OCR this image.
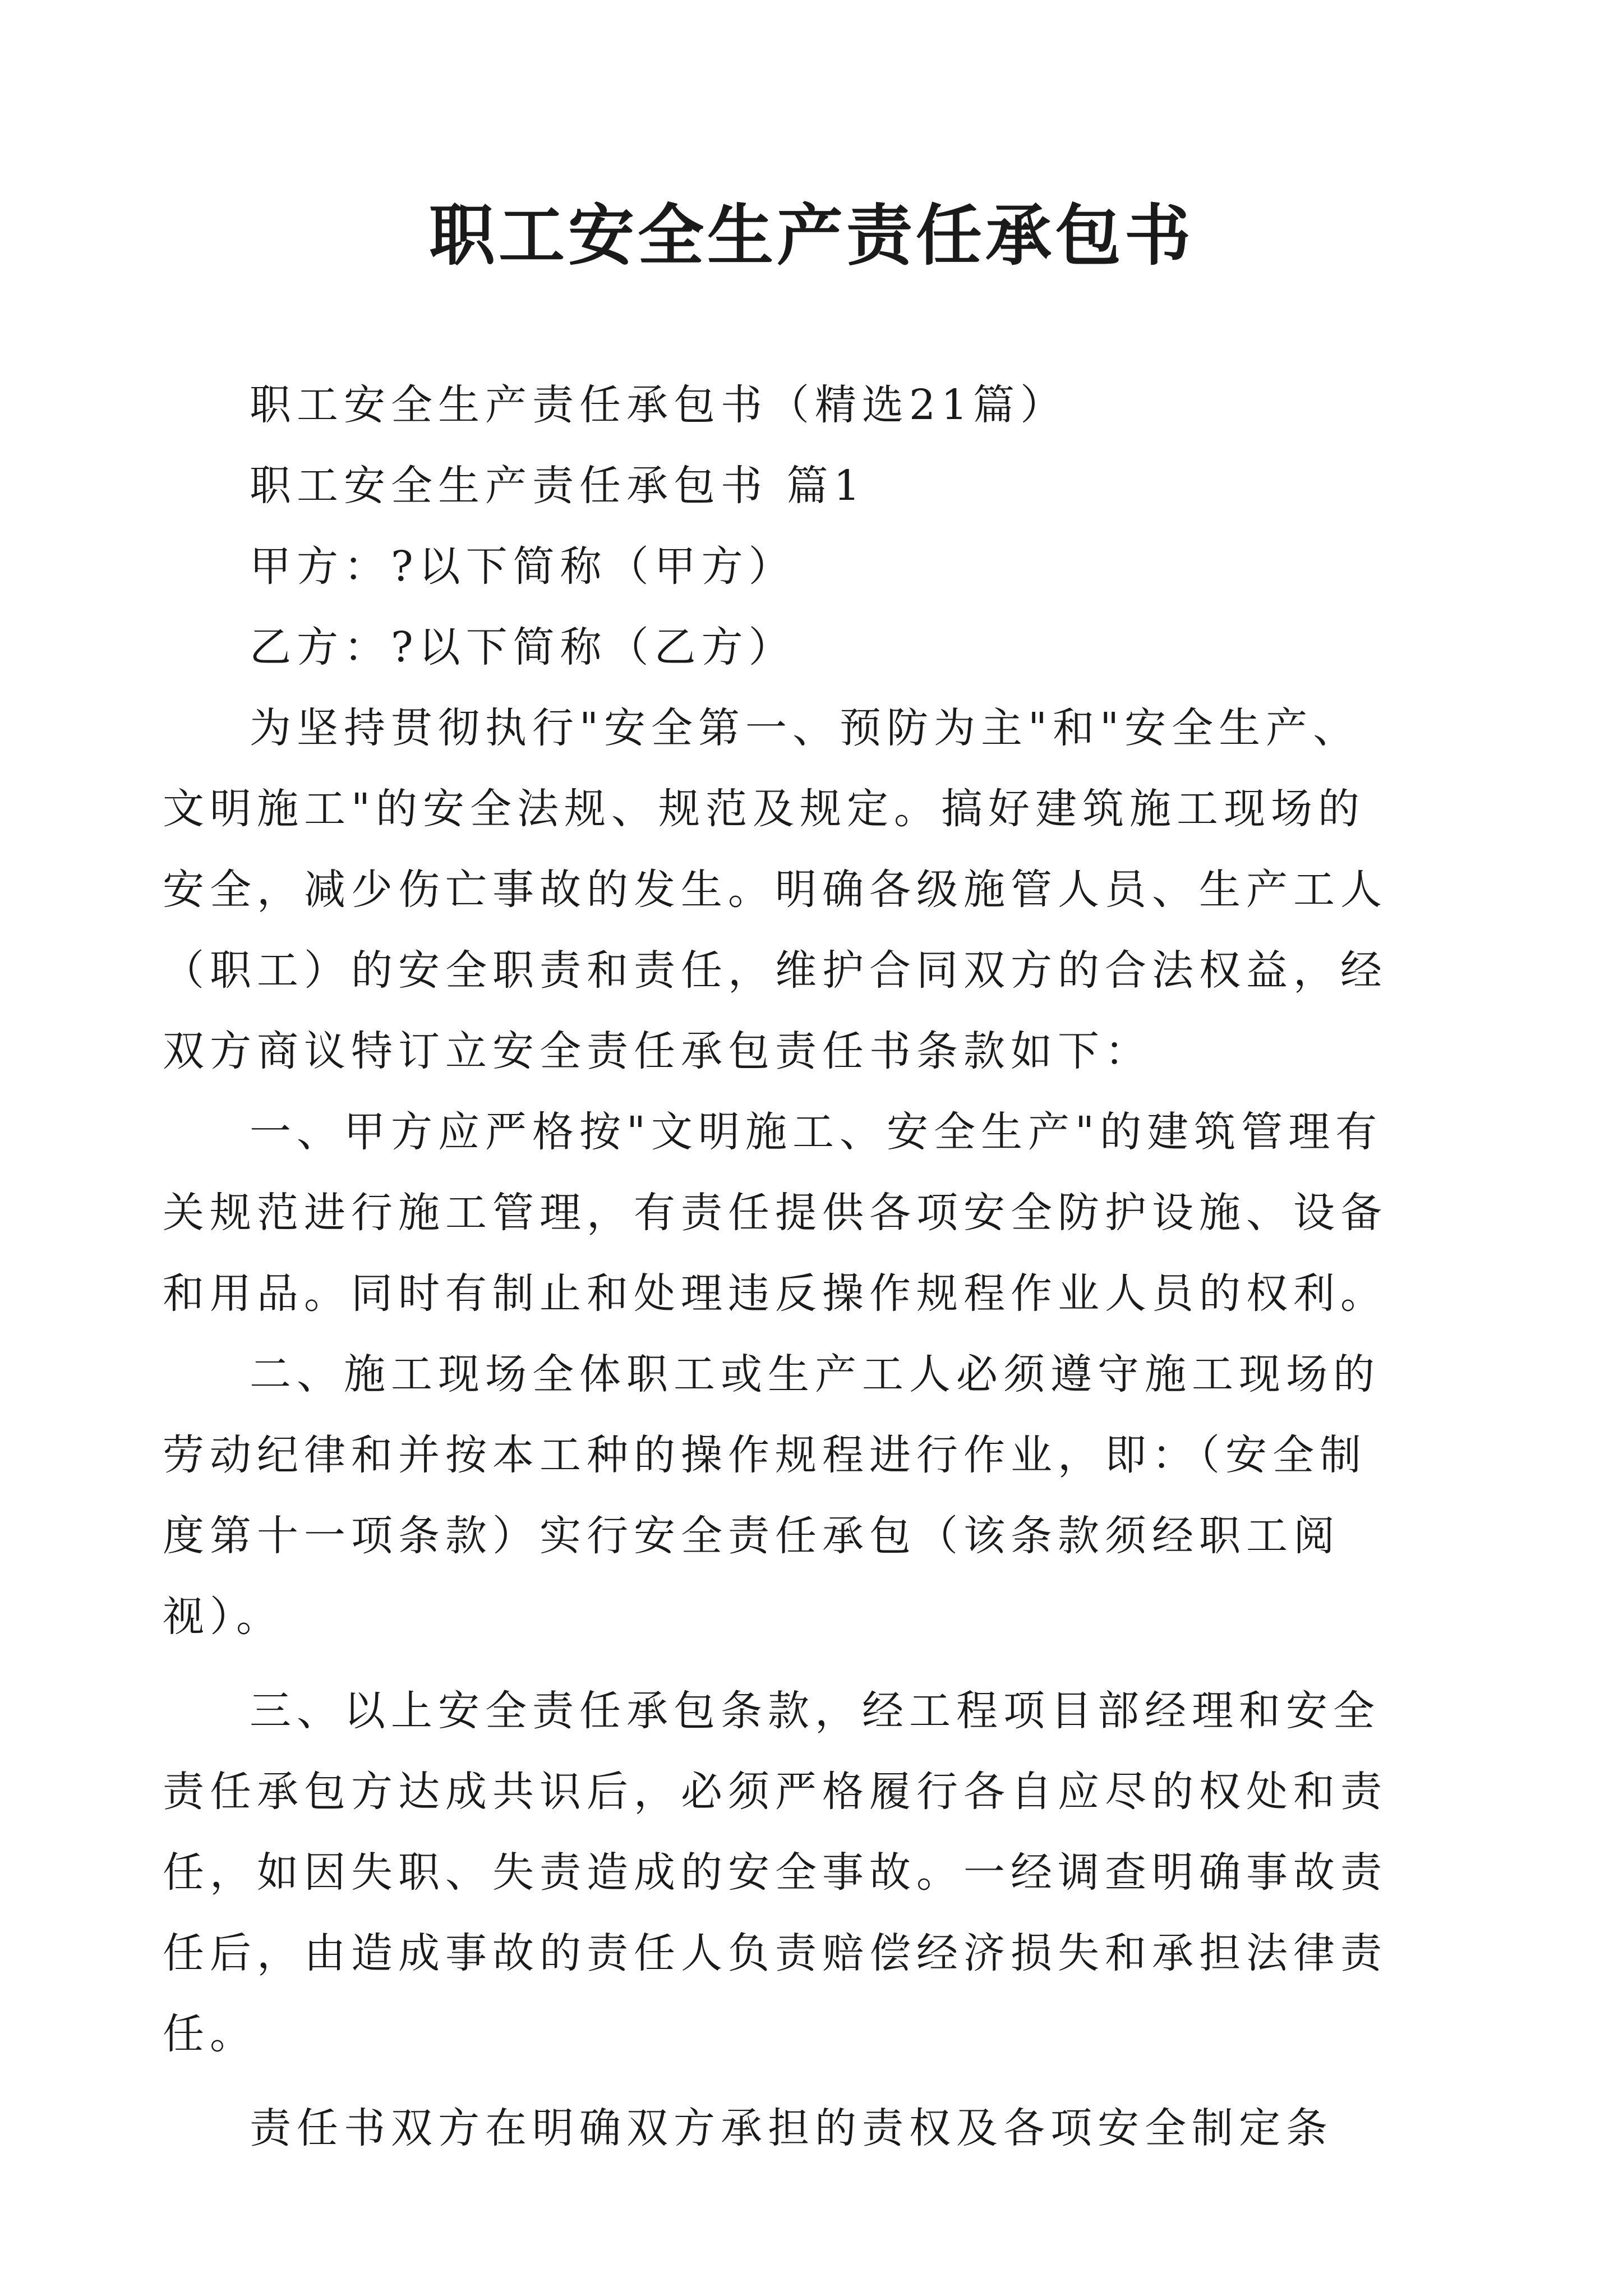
职工安全生产责任承包书
职工安全生产责任承包书（精选21篇）
职工安全生产责任承包书 篇1
甲方：?以下简称（甲方）
乙方：?以下简称（乙方）
为坚持贯彻执行"安全第一、预防为主"和"安全生产、
文明施工"的安全法规、规范及规定。搞好建筑施工现场的
安全，减少伤亡事故的发生。明确各级施管人员、生产工人
（职工）的安全职责和责任，维护合同双方的合法权益，经
双方商议特订立安全责任承包责任书条款如下：
一、甲方应严格按"文明施工、安全生产"的建筑管理有
关规范进行施工管理，有责任提供各项安全防护设施、设备
和用品。同时有制止和处理违反操作规程作业人员的权利。
二、施工现场全体职工或生产工人必须遵守施工现场的
劳动纪律和并按本工种的操作规程进行作业，即：（安全制
度第十一项条款）实行安全责任承包（该条款须经职工阅
视）。
三、以上安全责任承包条款，经工程项目部经理和安全
责任承包方达成共识后，必须严格履行各自应尽的权处和责
任，如因失职、失责造成的安全事故。一经调查明确事故责
任后，由造成事故的责任人负责赔偿经济损失和承担法律责
任。
责任书双方在明确双方承担的责权及各项安全制定条
